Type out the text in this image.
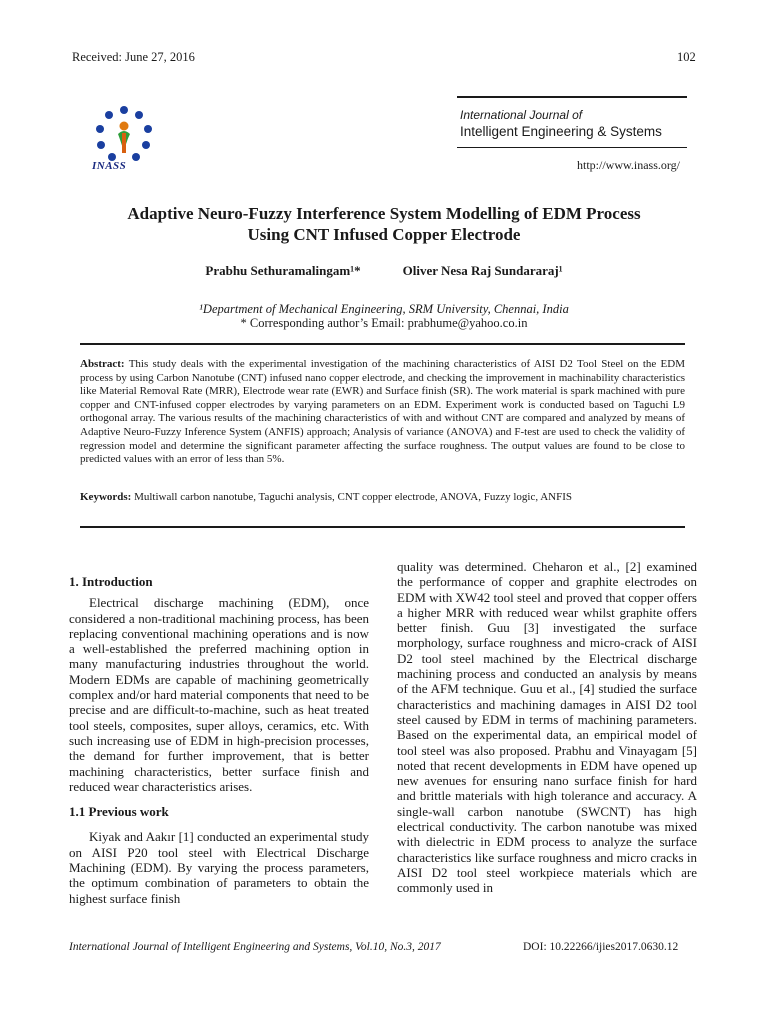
Received: June 27, 2016	102
INASS
International Journal of
Intelligent Engineering & Systems
http://www.inass.org/
Adaptive Neuro-Fuzzy Interference System Modelling of EDM Process
Using CNT Infused Copper Electrode
Prabhu Sethuramalingam¹*	Oliver Nesa Raj Sundararaj¹
¹Department of Mechanical Engineering, SRM University, Chennai, India
* Corresponding author’s Email: prabhume@yahoo.co.in
Abstract: This study deals with the experimental investigation of the machining characteristics of AISI D2 Tool Steel on the EDM process by using Carbon Nanotube (CNT) infused nano copper electrode, and checking the improvement in machinability characteristics like Material Removal Rate (MRR), Electrode wear rate (EWR) and Surface finish (SR). The work material is spark machined with pure copper and CNT-infused copper electrodes by varying parameters on an EDM. Experiment work is conducted based on Taguchi L9 orthogonal array. The various results of the machining characteristics of with and without CNT are compared and analyzed by means of Adaptive Neuro-Fuzzy Inference System (ANFIS) approach; Analysis of variance (ANOVA) and F-test are used to check the validity of regression model and determine the significant parameter affecting the surface roughness. The output values are found to be close to predicted values with an error of less than 5%.
Keywords: Multiwall carbon nanotube, Taguchi analysis, CNT copper electrode, ANOVA, Fuzzy logic, ANFIS

1. Introduction

Electrical discharge machining (EDM), once considered a non-traditional machining process, has been replacing conventional machining operations and is now a well-established the preferred machining option in many manufacturing industries throughout the world. Modern EDMs are capable of machining geometrically complex and/or hard material components that need to be precise and are difficult-to-machine, such as heat treated tool steels, composites, super alloys, ceramics, etc. With such increasing use of EDM in high-precision processes, the demand for further improvement, that is better machining characteristics, better surface finish and reduced wear characteristics arises.

1.1 Previous work

Kiyak and Aakır [1] conducted an experimental study on AISI P20 tool steel with Electrical Discharge Machining (EDM). By varying the process parameters, the optimum combination of parameters to obtain the highest surface finish

quality was determined. Cheharon et al., [2] examined the performance of copper and graphite electrodes on EDM with XW42 tool steel and proved that copper offers a higher MRR with reduced wear whilst graphite offers better finish. Guu [3] investigated the surface morphology, surface roughness and micro-crack of AISI D2 tool steel machined by the Electrical discharge machining process and conducted an analysis by means of the AFM technique. Guu et al., [4] studied the surface characteristics and machining damages in AISI D2 tool steel caused by EDM in terms of machining parameters. Based on the experimental data, an empirical model of tool steel was also proposed. Prabhu and Vinayagam [5] noted that recent developments in EDM have opened up new avenues for ensuring nano surface finish for hard and brittle materials with high tolerance and accuracy. A single-wall carbon nanotube (SWCNT) has high electrical conductivity. The carbon nanotube was mixed with dielectric in EDM process to analyze the surface characteristics like surface roughness and micro cracks in AISI D2 tool steel workpiece materials which are commonly used in

International Journal of Intelligent Engineering and Systems, Vol.10, No.3, 2017	DOI: 10.22266/ijies2017.0630.12
